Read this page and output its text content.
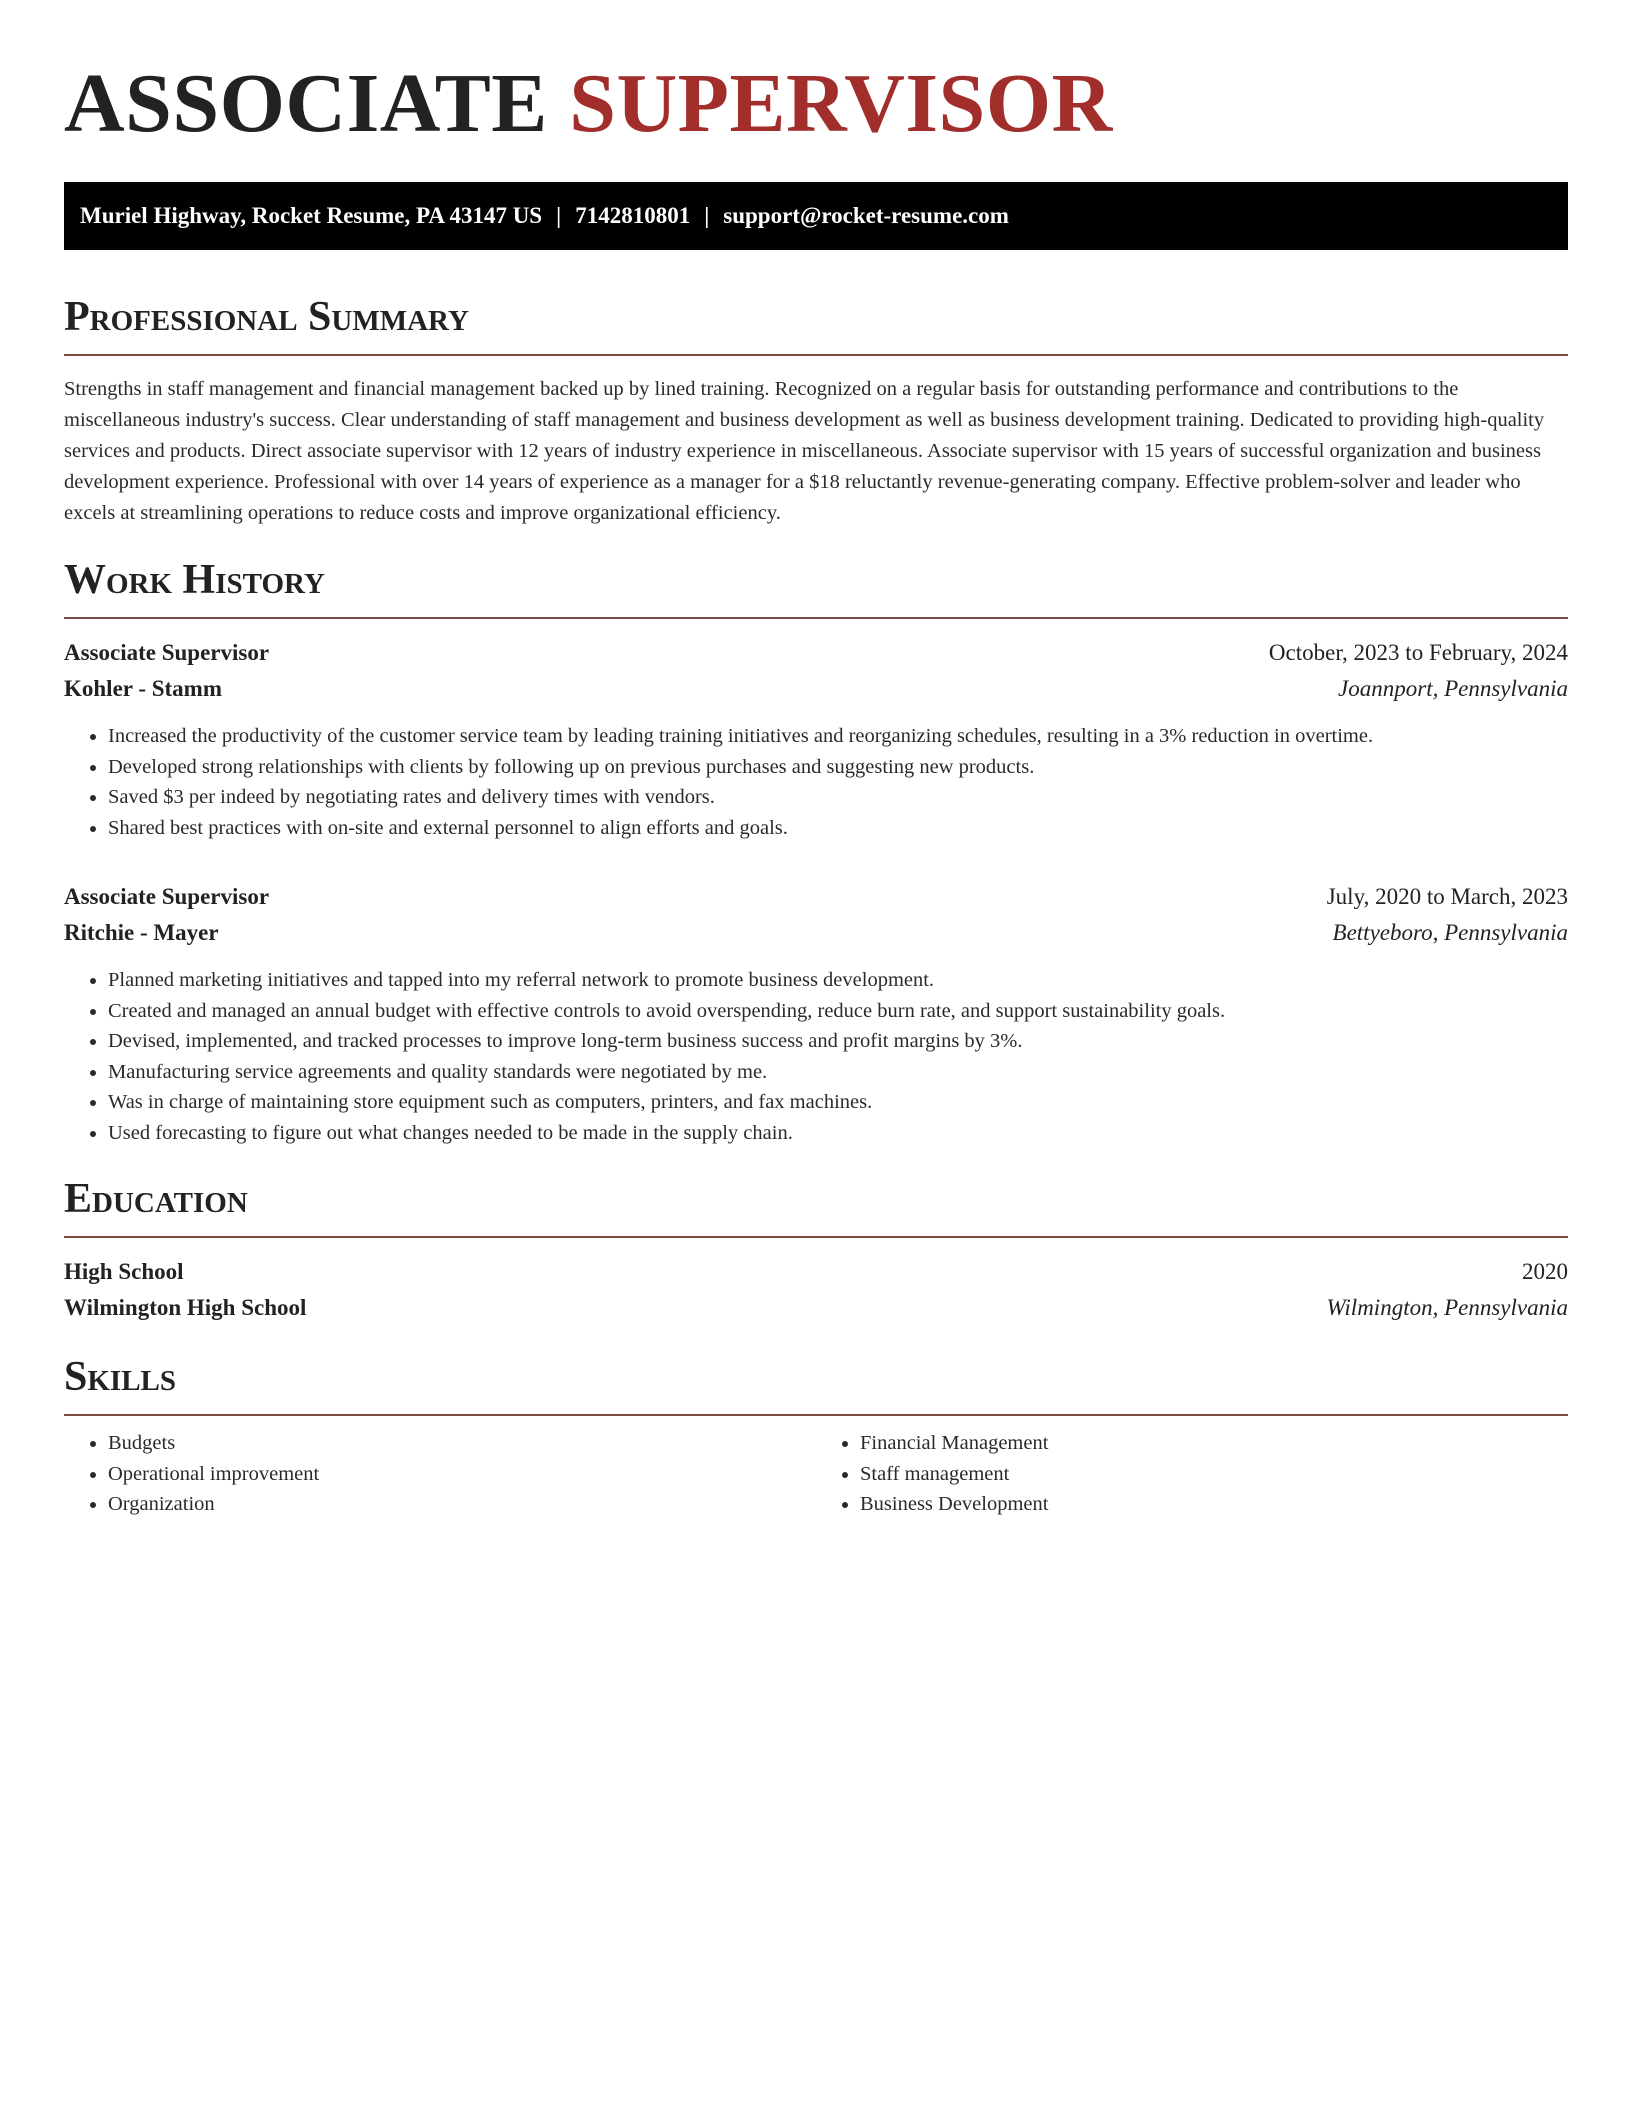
ASSOCIATE SUPERVISOR
Muriel Highway, Rocket Resume, PA 43147 US | 7142810801 | support@rocket-resume.com
Professional Summary

Strengths in staff management and financial management backed up by lined training. Recognized on a regular basis for outstanding performance and contributions to the miscellaneous industry's success. Clear understanding of staff management and business development as well as business development training. Dedicated to providing high-quality services and products. Direct associate supervisor with 12 years of industry experience in miscellaneous. Associate supervisor with 15 years of successful organization and business development experience. Professional with over 14 years of experience as a manager for a $18 reluctantly revenue-generating company. Effective problem-solver and leader who excels at streamlining operations to reduce costs and improve organizational efficiency.

Work History
Associate Supervisor	October, 2023 to February, 2024
Kohler - Stamm	Joannport, Pennsylvania
• Increased the productivity of the customer service team by leading training initiatives and reorganizing schedules, resulting in a 3% reduction in overtime.
• Developed strong relationships with clients by following up on previous purchases and suggesting new products.
• Saved $3 per indeed by negotiating rates and delivery times with vendors.
• Shared best practices with on-site and external personnel to align efforts and goals.
Associate Supervisor	July, 2020 to March, 2023
Ritchie - Mayer	Bettyeboro, Pennsylvania
• Planned marketing initiatives and tapped into my referral network to promote business development.
• Created and managed an annual budget with effective controls to avoid overspending, reduce burn rate, and support sustainability goals.
• Devised, implemented, and tracked processes to improve long-term business success and profit margins by 3%.
• Manufacturing service agreements and quality standards were negotiated by me.
• Was in charge of maintaining store equipment such as computers, printers, and fax machines.
• Used forecasting to figure out what changes needed to be made in the supply chain.
Education
High School	2020
Wilmington High School	Wilmington, Pennsylvania
Skills
• Budgets
• Operational improvement
• Organization
• Financial Management
• Staff management
• Business Development
